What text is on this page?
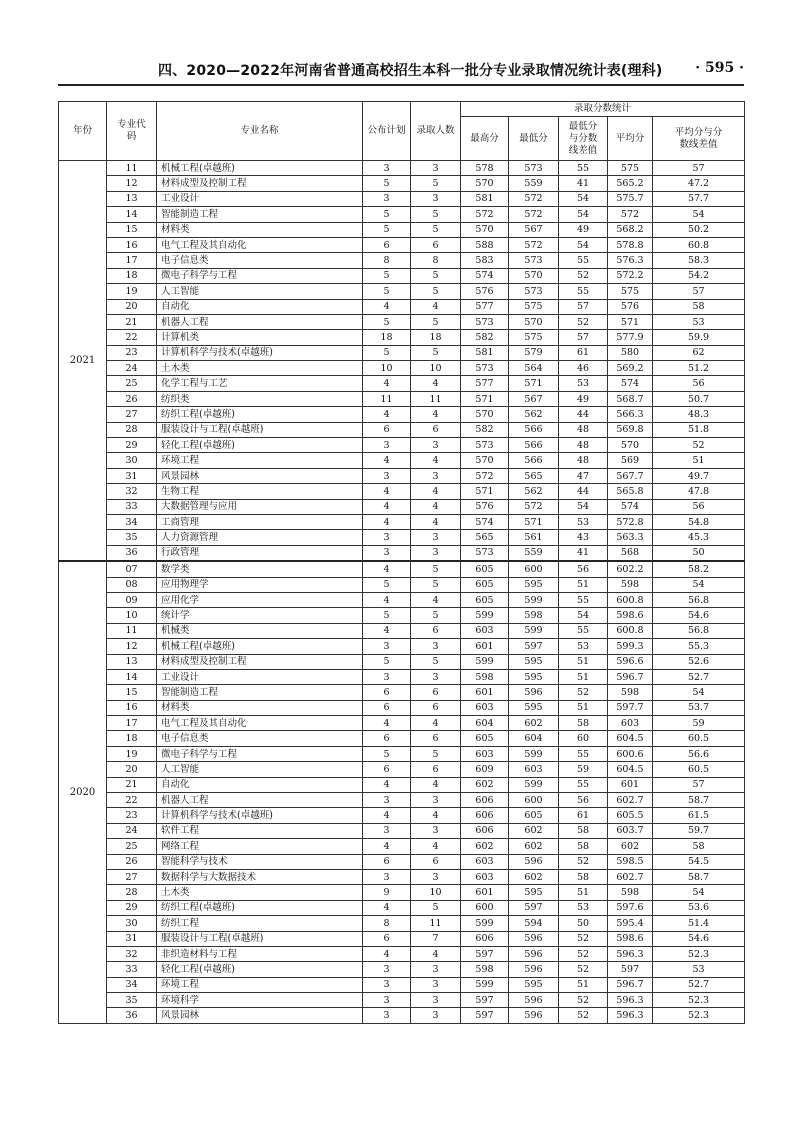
四、2020—2022年河南省普通高校招生本科一批分专业录取情况统计表(理科) · 595 ·
年份	专业代码	专业名称	公布计划	录取人数	录取分数统计				
					最高分	最低分	最低分与分数线差值	平均分	平均分与分数线差值
2021	11	机械工程(卓越班)	3	3	578	573	55	575	57
	12	材料成型及控制工程	5	5	570	559	41	565.2	47.2
	13	工业设计	3	3	581	572	54	575.7	57.7
	14	智能制造工程	5	5	572	572	54	572	54
	15	材料类	5	5	570	567	49	568.2	50.2
	16	电气工程及其自动化	6	6	588	572	54	578.8	60.8
	17	电子信息类	8	8	583	573	55	576.3	58.3
	18	微电子科学与工程	5	5	574	570	52	572.2	54.2
	19	人工智能	5	5	576	573	55	575	57
	20	自动化	4	4	577	575	57	576	58
	21	机器人工程	5	5	573	570	52	571	53
	22	计算机类	18	18	582	575	57	577.9	59.9
	23	计算机科学与技术(卓越班)	5	5	581	579	61	580	62
	24	土木类	10	10	573	564	46	569.2	51.2
	25	化学工程与工艺	4	4	577	571	53	574	56
	26	纺织类	11	11	571	567	49	568.7	50.7
	27	纺织工程(卓越班)	4	4	570	562	44	566.3	48.3
	28	服装设计与工程(卓越班)	6	6	582	566	48	569.8	51.8
	29	轻化工程(卓越班)	3	3	573	566	48	570	52
	30	环境工程	4	4	570	566	48	569	51
	31	风景园林	3	3	572	565	47	567.7	49.7
	32	生物工程	4	4	571	562	44	565.8	47.8
	33	大数据管理与应用	4	4	576	572	54	574	56
	34	工商管理	4	4	574	571	53	572.8	54.8
	35	人力资源管理	3	3	565	561	43	563.3	45.3
	36	行政管理	3	3	573	559	41	568	50
2020	07	数学类	4	5	605	600	56	602.2	58.2
	08	应用物理学	5	5	605	595	51	598	54
	09	应用化学	4	4	605	599	55	600.8	56.8
	10	统计学	5	5	599	598	54	598.6	54.6
	11	机械类	4	6	603	599	55	600.8	56.8
	12	机械工程(卓越班)	3	3	601	597	53	599.3	55.3
	13	材料成型及控制工程	5	5	599	595	51	596.6	52.6
	14	工业设计	3	3	598	595	51	596.7	52.7
	15	智能制造工程	6	6	601	596	52	598	54
	16	材料类	6	6	603	595	51	597.7	53.7
	17	电气工程及其自动化	4	4	604	602	58	603	59
	18	电子信息类	6	6	605	604	60	604.5	60.5
	19	微电子科学与工程	5	5	603	599	55	600.6	56.6
	20	人工智能	6	6	609	603	59	604.5	60.5
	21	自动化	4	4	602	599	55	601	57
	22	机器人工程	3	3	606	600	56	602.7	58.7
	23	计算机科学与技术(卓越班)	4	4	606	605	61	605.5	61.5
	24	软件工程	3	3	606	602	58	603.7	59.7
	25	网络工程	4	4	602	602	58	602	58
	26	智能科学与技术	6	6	603	596	52	598.5	54.5
	27	数据科学与大数据技术	3	3	603	602	58	602.7	58.7
	28	土木类	9	10	601	595	51	598	54
	29	纺织工程(卓越班)	4	5	600	597	53	597.6	53.6
	30	纺织工程	8	11	599	594	50	595.4	51.4
	31	服装设计与工程(卓越班)	6	7	606	596	52	598.6	54.6
	32	非织造材料与工程	4	4	597	596	52	596.3	52.3
	33	轻化工程(卓越班)	3	3	598	596	52	597	53
	34	环境工程	3	3	599	595	51	596.7	52.7
	35	环境科学	3	3	597	596	52	596.3	52.3
	36	风景园林	3	3	597	596	52	596.3	52.3
